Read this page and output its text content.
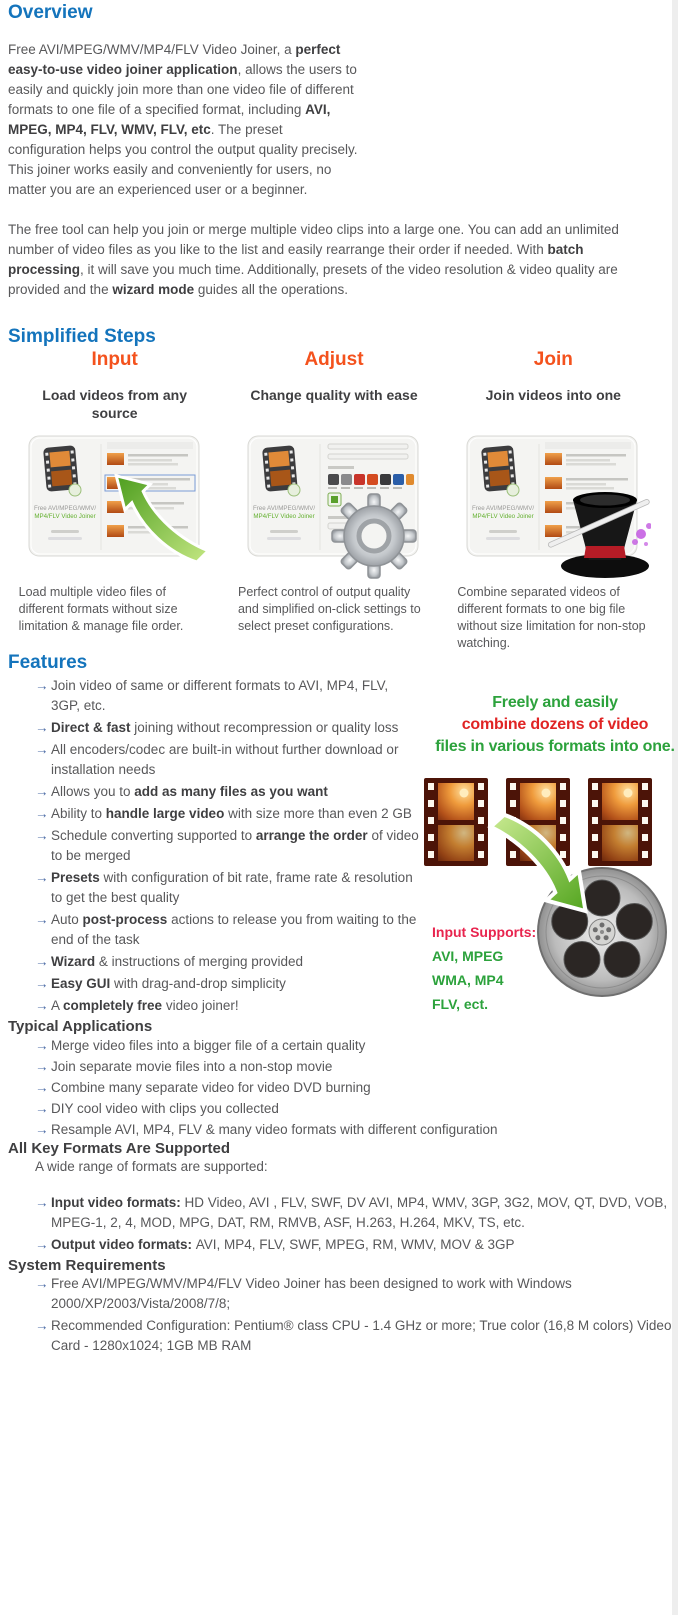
Overview

Free AVI/MPEG/WMV/MP4/FLV Video Joiner, a perfect easy-to-use video joiner application, allows the users to easily and quickly join more than one video file of different formats to one file of a specified format, including AVI, MPEG, MP4, FLV, WMV, FLV, etc. The preset configuration helps you control the output quality precisely. This joiner works easily and conveniently for users, no matter you are an experienced user or a beginner.

The free tool can help you join or merge multiple video clips into a large one. You can add an unlimited number of video files as you like to the list and easily rearrange their order if needed. With batch processing, it will save you much time. Additionally, presets of the video resolution & video quality are provided and the wizard mode guides all the operations.

Simplified Steps
Input
Load videos from any source
Free AVI/MPEG/WMV/
MP4/FLV Video Joiner
Load multiple video files of different formats without size limitation & manage file order.
Adjust
Change quality with ease
Free AVI/MPEG/WMV/
MP4/FLV Video Joiner
Perfect control of output quality and simplified on-click settings to select preset configurations.
Join
Join videos into one
Free AVI/MPEG/WMV/
MP4/FLV Video Joiner
Combine separated videos of different formats to one big file without size limitation for non-stop watching.
Features
→ Join video of same or different formats to AVI, MP4, FLV, 3GP, etc.
→ Direct & fast joining without recompression or quality loss
→ All encoders/codec are built-in without further download or installation needs
→ Allows you to add as many files as you want
→ Ability to handle large video with size more than even 2 GB
→ Schedule converting supported to arrange the order of video to be merged
→ Presets with configuration of bit rate, frame rate & resolution to get the best quality
→ Auto post-process actions to release you from waiting to the end of the task
→ Wizard & instructions of merging provided
→ Easy GUI with drag-and-drop simplicity
→ A completely free video joiner!
Freely and easily
combine dozens of video
files in various formats into one.
Input Supports:
AVI, MPEG
WMA, MP4
FLV, ect.
Typical Applications
→ Merge video files into a bigger file of a certain quality
→ Join separate movie files into a non-stop movie
→ Combine many separate video for video DVD burning
→ DIY cool video with clips you collected
→ Resample AVI, MP4, FLV & many video formats with different configuration
All Key Formats Are Supported

A wide range of formats are supported:

→ Input video formats: HD Video, AVI , FLV, SWF, DV AVI, MP4, WMV, 3GP, 3G2, MOV, QT, DVD, VOB, MPEG-1, 2, 4, MOD, MPG, DAT, RM, RMVB, ASF, H.263, H.264, MKV, TS, etc.
→ Output video formats: AVI, MP4, FLV, SWF, MPEG, RM, WMV, MOV & 3GP
System Requirements
→ Free AVI/MPEG/WMV/MP4/FLV Video Joiner has been designed to work with Windows 2000/XP/2003/Vista/2008/7/8;
→ Recommended Configuration: Pentium® class CPU - 1.4 GHz or more; True color (16,8 M colors) Video Card - 1280x1024; 1GB MB RAM
